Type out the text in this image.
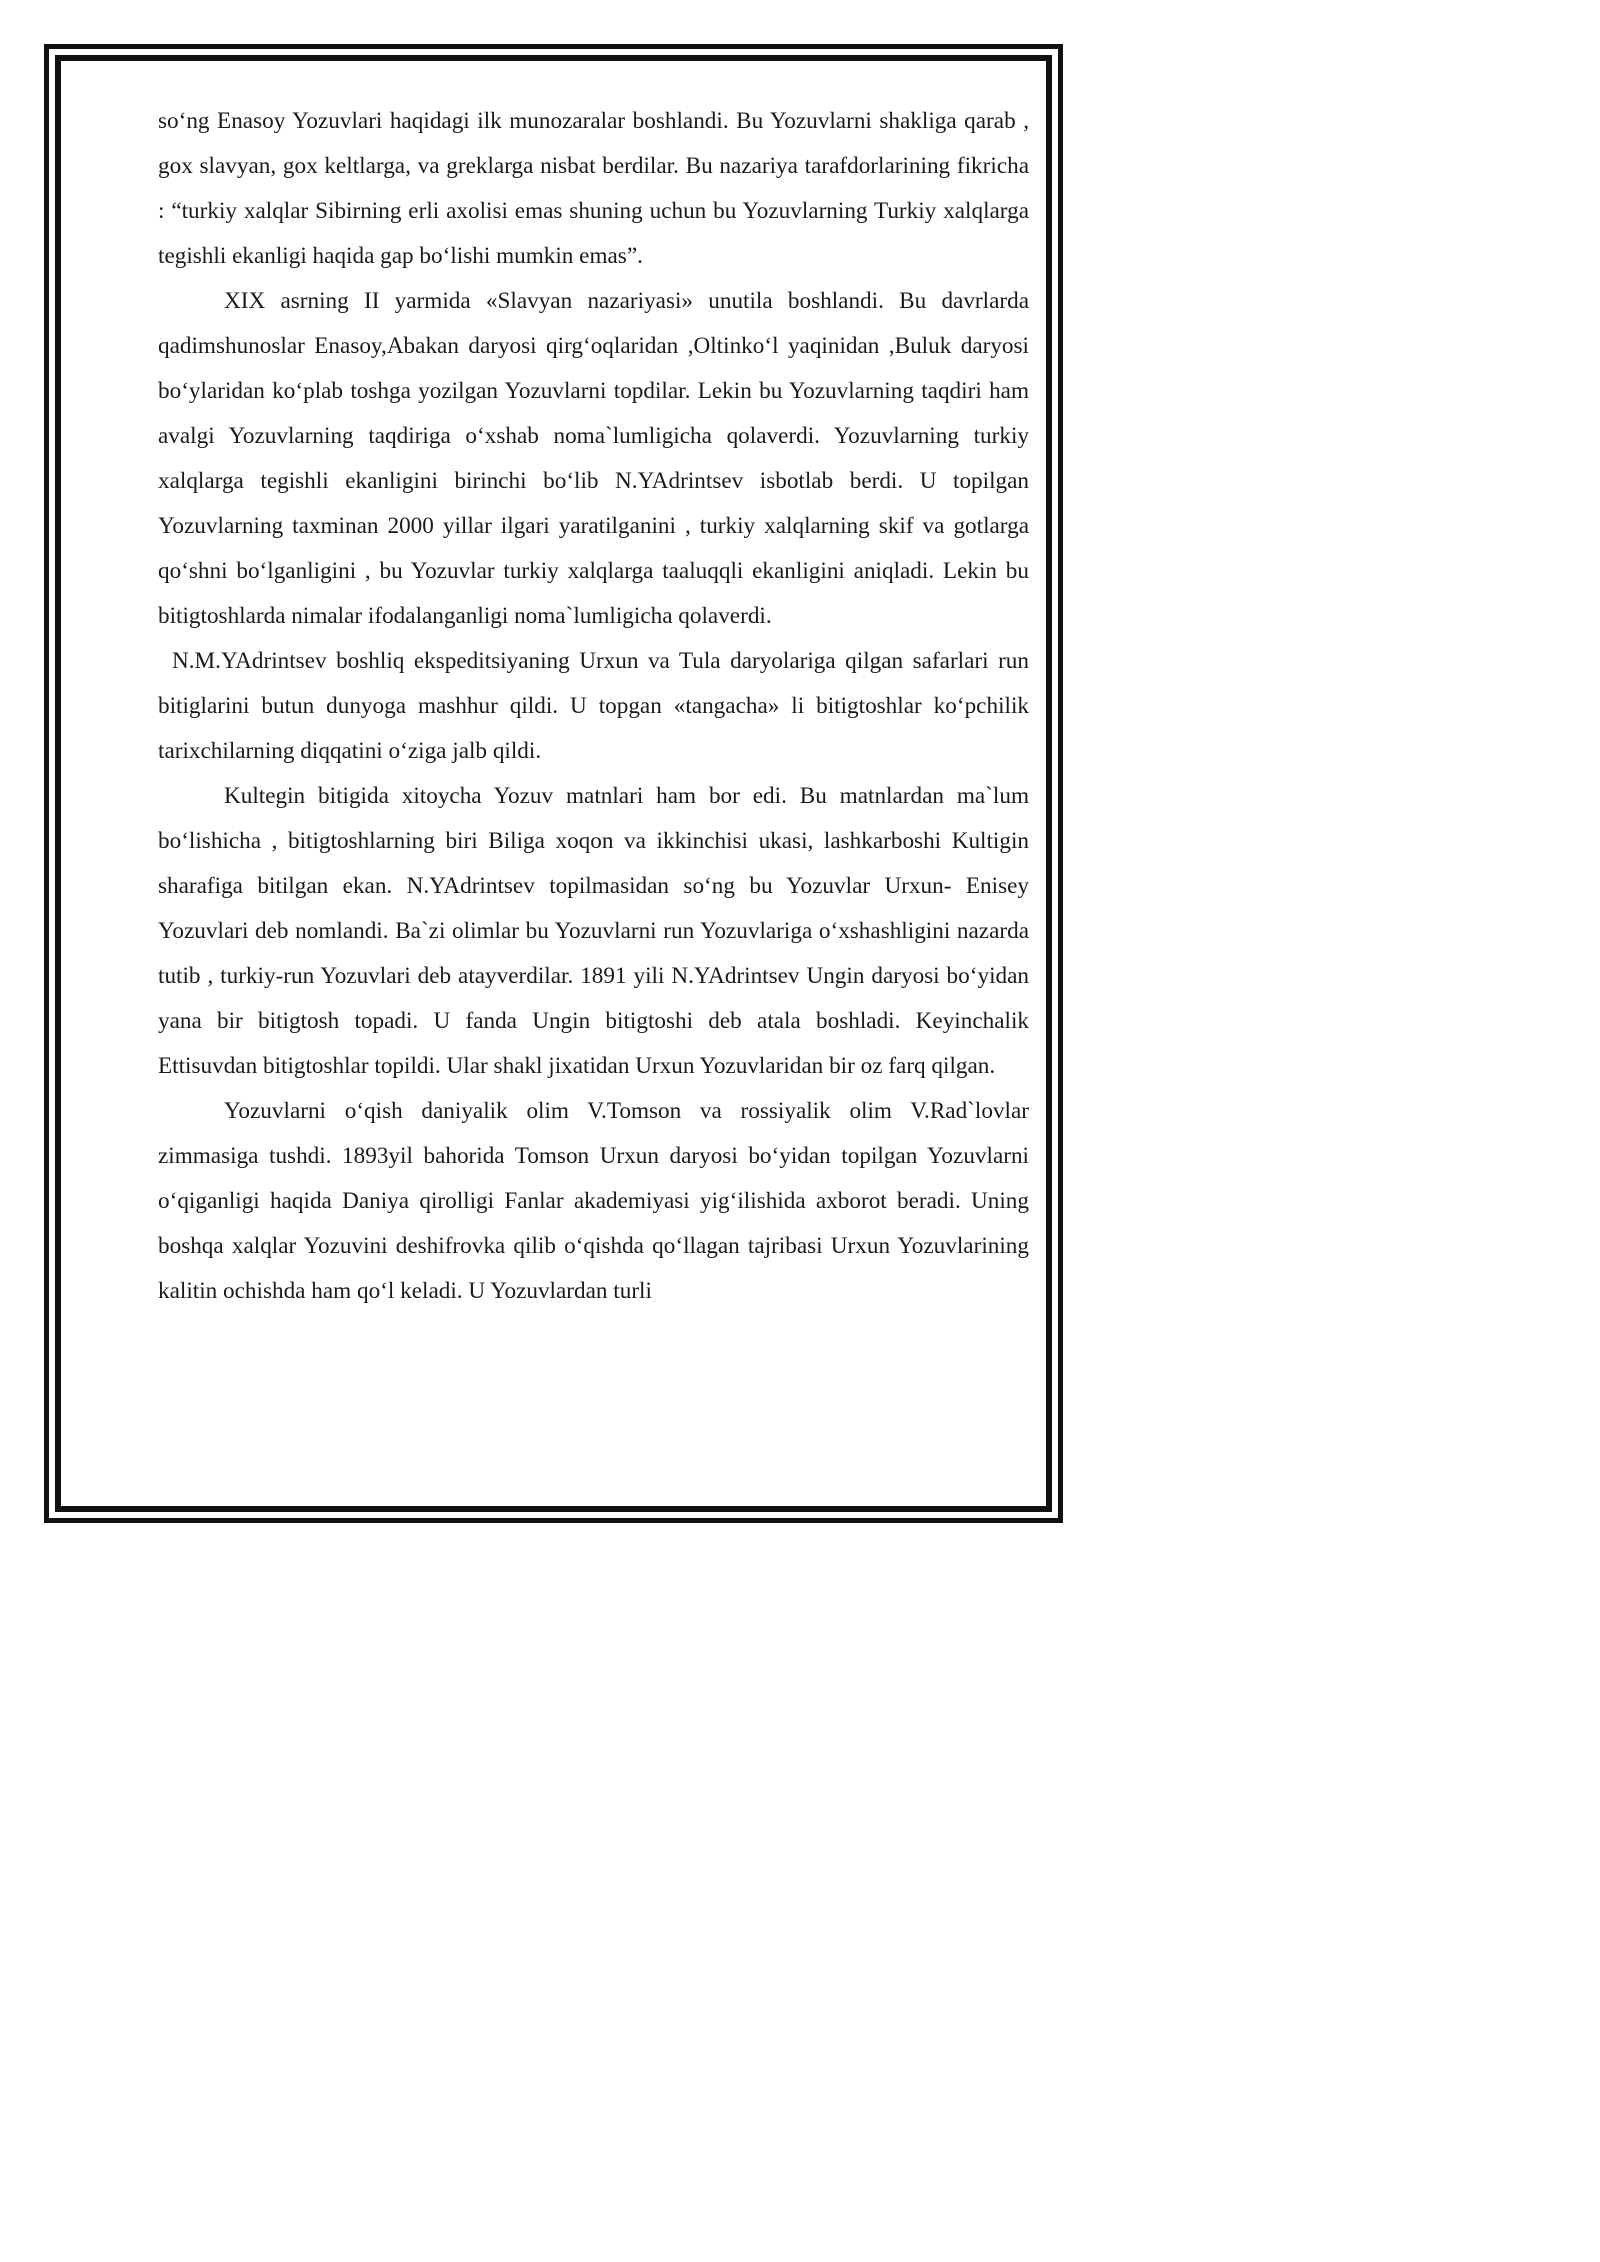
so‘ng Enasoy Yozuvlari haqidagi ilk munozaralar boshlandi. Bu Yozuvlarni shakliga qarab , gox slavyan, gox keltlarga, va greklarga nisbat berdilar. Bu nazariya tarafdorlarining fikricha : “turkiy xalqlar Sibirning erli axolisi emas shuning uchun bu Yozuvlarning Turkiy xalqlarga tegishli ekanligi haqida gap bo‘lishi mumkin emas”.

XIX asrning II yarmida «Slavyan nazariyasi» unutila boshlandi. Bu davrlarda qadimshunoslar Enasoy,Abakan daryosi qirg‘oqlaridan ,Oltinko‘l yaqinidan ,Buluk daryosi bo‘ylaridan ko‘plab toshga yozilgan Yozuvlarni topdilar. Lekin bu Yozuvlarning taqdiri ham avalgi Yozuvlarning taqdiriga o‘xshab noma`lumligicha qolaverdi. Yozuvlarning turkiy xalqlarga tegishli ekanligini birinchi bo‘lib N.YAdrintsev isbotlab berdi. U topilgan Yozuvlarning taxminan 2000 yillar ilgari yaratilganini , turkiy xalqlarning skif va gotlarga qo‘shni bo‘lganligini , bu Yozuvlar turkiy xalqlarga taaluqqli ekanligini aniqladi. Lekin bu bitigtoshlarda nimalar ifodalanganligi noma`lumligicha qolaverdi.

N.M.YAdrintsev boshliq ekspeditsiyaning Urxun va Tula daryolariga qilgan safarlari run bitiglarini butun dunyoga mashhur qildi. U topgan «tangacha» li bitigtoshlar ko‘pchilik tarixchilarning diqqatini o‘ziga jalb qildi.

Kultegin bitigida xitoycha Yozuv matnlari ham bor edi. Bu matnlardan ma`lum bo‘lishicha , bitigtoshlarning biri Biliga xoqon va ikkinchisi ukasi, lashkarboshi Kultigin sharafiga bitilgan ekan. N.YAdrintsev topilmasidan so‘ng bu Yozuvlar Urxun- Enisey Yozuvlari deb nomlandi. Ba`zi olimlar bu Yozuvlarni run Yozuvlariga o‘xshashligini nazarda tutib , turkiy-run Yozuvlari deb atayverdilar. 1891 yili N.YAdrintsev Ungin daryosi bo‘yidan yana bir bitigtosh topadi. U fanda Ungin bitigtoshi deb atala boshladi. Keyinchalik Ettisuvdan bitigtoshlar topildi. Ular shakl jixatidan Urxun Yozuvlaridan bir oz farq qilgan.

Yozuvlarni o‘qish daniyalik olim V.Tomson va rossiyalik olim V.Rad`lovlar zimmasiga tushdi. 1893yil bahorida Tomson Urxun daryosi bo‘yidan topilgan Yozuvlarni o‘qiganligi haqida Daniya qirolligi Fanlar akademiyasi yig‘ilishida axborot beradi. Uning boshqa xalqlar Yozuvini deshifrovka qilib o‘qishda qo‘llagan tajribasi Urxun Yozuvlarining kalitin ochishda ham qo‘l keladi. U Yozuvlardan turli
